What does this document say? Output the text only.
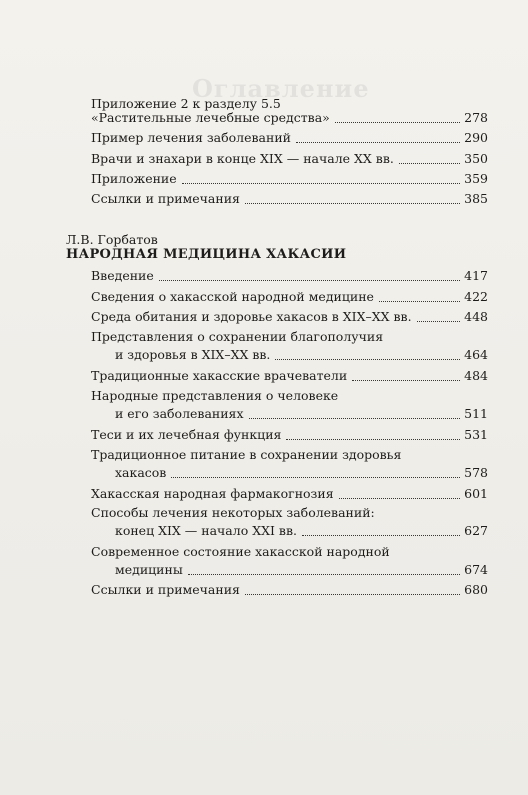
Оглавление
Приложение 2 к разделу 5.5
«Растительные лечебные средства»	278
Пример лечения заболеваний	290
Врачи и знахари в конце XIX — начале XX вв.	350
Приложение	359
Ссылки и примечания	385
Л.В. Горбатов
НАРОДНАЯ МЕДИЦИНА ХАКАСИИ
Введение	417
Сведения о хакасской народной медицине	422
Среда обитания и здоровье хакасов в XIX–XX вв.	448
Представления о сохранении благополучия
и здоровья в XIX–XX вв.	464
Традиционные хакасские врачеватели	484
Народные представления о человеке
и его заболеваниях	511
Теси и их лечебная функция	531
Традиционное питание в сохранении здоровья
хакасов	578
Хакасская народная фармакогнозия	601
Способы лечения некоторых заболеваний:
конец XIX — начало XXI вв.	627
Современное состояние хакасской народной
медицины	674
Ссылки и примечания	680
